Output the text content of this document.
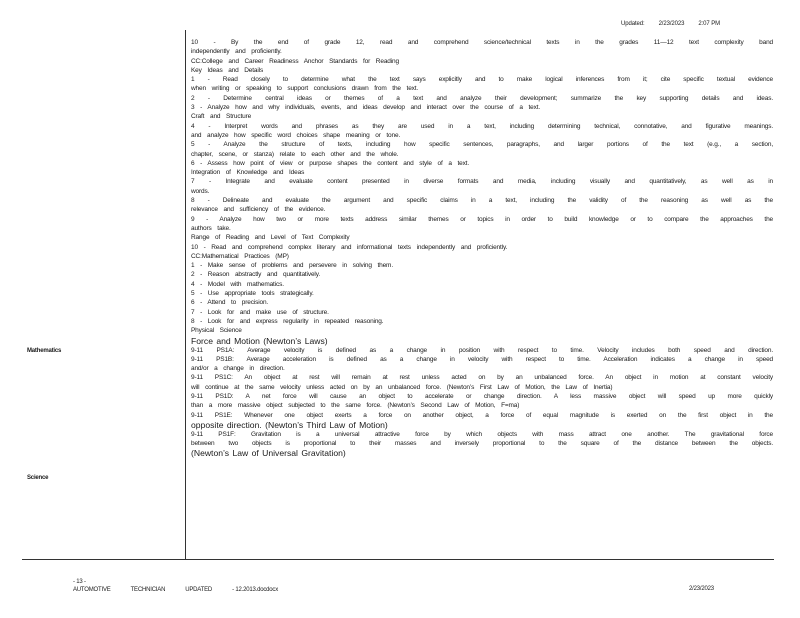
Updated: 2/23/2023 2:07 PM
Mathematics
Science
10 - By the end of grade 12, read and comprehend science/technical texts in the grades 11—12 text complexity band
independently and proficiently.
CC:College and Career Readiness Anchor Standards for Reading
Key Ideas and Details
1 - Read closely to determine what the text says explicitly and to make logical inferences from it; cite specific textual evidence
when writing or speaking to support conclusions drawn from the text.
2 - Determine central ideas or themes of a text and analyze their development; summarize the key supporting details and ideas.
3 - Analyze how and why individuals, events, and ideas develop and interact over the course of a text.
Craft and Structure
4 - Interpret words and phrases as they are used in a text, including determining technical, connotative, and figurative meanings.
and analyze how specific word choices shape meaning or tone.
5 - Analyze the structure of texts, including how specific sentences, paragraphs, and larger portions of the text (e.g., a section,
chapter, scene, or stanza) relate to each other and the whole.
6 - Assess how point of view or purpose shapes the content and style of a text.
Integration of Knowledge and Ideas
7 - Integrate and evaluate content presented in diverse formats and media, including visually and quantitatively, as well as in
words.
8 - Delineate and evaluate the argument and specific claims in a text, including the validity of the reasoning as well as the
relevance and sufficiency of the evidence.
9 - Analyze how two or more texts address similar themes or topics in order to build knowledge or to compare the approaches the
authors take.
Range of Reading and Level of Text Complexity
10 - Read and comprehend complex literary and informational texts independently and proficiently.
CC:Mathematical Practices (MP)
1 - Make sense of problems and persevere in solving them.
2 - Reason abstractly and quantitatively.
4 - Model with mathematics.
5 - Use appropriate tools strategically.
6 - Attend to precision.
7 - Look for and make use of structure.
8 - Look for and express regularity in repeated reasoning.
Physical Science
Force and Motion (Newton’s Laws)
9-11 PS1A: Average velocity is defined as a change in position with respect to time. Velocity includes both speed and direction.
9-11 PS1B: Average acceleration is defined as a change in velocity with respect to time. Acceleration indicates a change in speed
and/or a change in direction.
9-11 PS1C: An object at rest will remain at rest unless acted on by an unbalanced force. An object in motion at constant velocity
will continue at the same velocity unless acted on by an unbalanced force. (Newton’s First Law of Motion, the Law of Inertia)
9-11 PS1D: A net force will cause an object to accelerate or change direction. A less massive object will speed up more quickly
than a more massive object subjected to the same force. (Newton’s Second Law of Motion, F=ma)
9-11 PS1E: Whenever one object exerts a force on another object, a force of equal magnitude is exerted on the first object in the
opposite direction. (Newton’s Third Law of Motion)
9-11 PS1F: Gravitation is a universal attractive force by which objects with mass attract one another. The gravitational force
between two objects is proportional to their masses and inversely proportional to the square of the distance between the objects.
(Newton’s Law of Universal Gravitation)
- 13 -
AUTOMOTIVE	TECHNICIAN	UPDATED	- 12.2013.docdocx	2/23/2023
